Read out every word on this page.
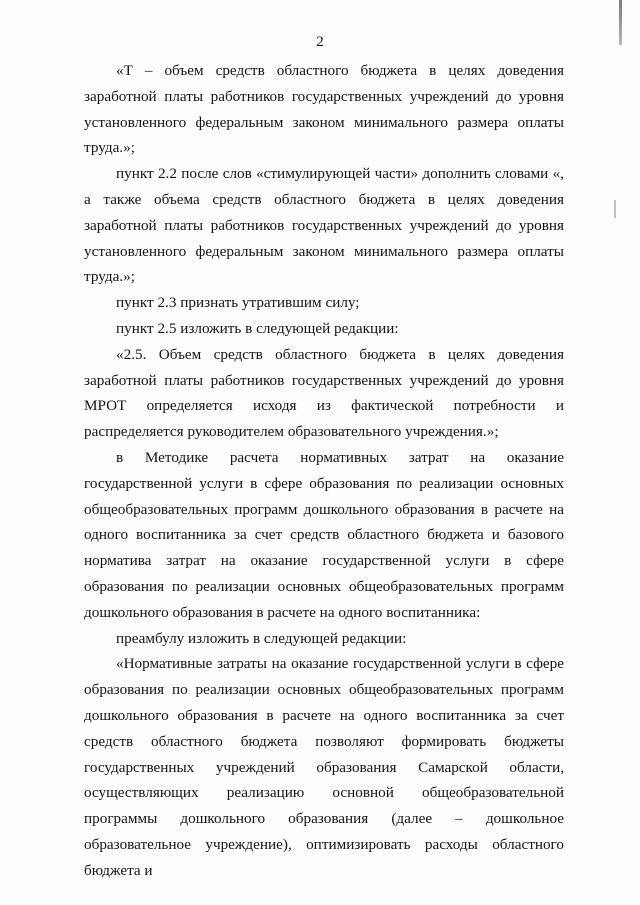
2

«Т – объем средств областного бюджета в целях доведения заработной платы работников государственных учреждений до уровня установленного федеральным законом минимального размера оплаты труда.»;

пункт 2.2 после слов «стимулирующей части» дополнить словами «, а также объема средств областного бюджета в целях доведения заработной платы работников государственных учреждений до уровня установленного федеральным законом минимального размера оплаты труда.»;

пункт 2.3 признать утратившим силу;

пункт 2.5 изложить в следующей редакции:

«2.5. Объем средств областного бюджета в целях доведения заработной платы работников государственных учреждений до уровня МРОТ определяется исходя из фактической потребности и распределяется руководителем образовательного учреждения.»;

в Методике расчета нормативных затрат на оказание государственной услуги в сфере образования по реализации основных общеобразовательных программ дошкольного образования в расчете на одного воспитанника за счет средств областного бюджета и базового норматива затрат на оказание государственной услуги в сфере образования по реализации основных общеобразовательных программ дошкольного образования в расчете на одного воспитанника:

преамбулу изложить в следующей редакции:

«Нормативные затраты на оказание государственной услуги в сфере образования по реализации основных общеобразовательных программ дошкольного образования в расчете на одного воспитанника за счет средств областного бюджета позволяют формировать бюджеты государственных учреждений образования Самарской области, осуществляющих реализацию основной общеобразовательной программы дошкольного образования (далее – дошкольное образовательное учреждение), оптимизировать расходы областного бюджета и
